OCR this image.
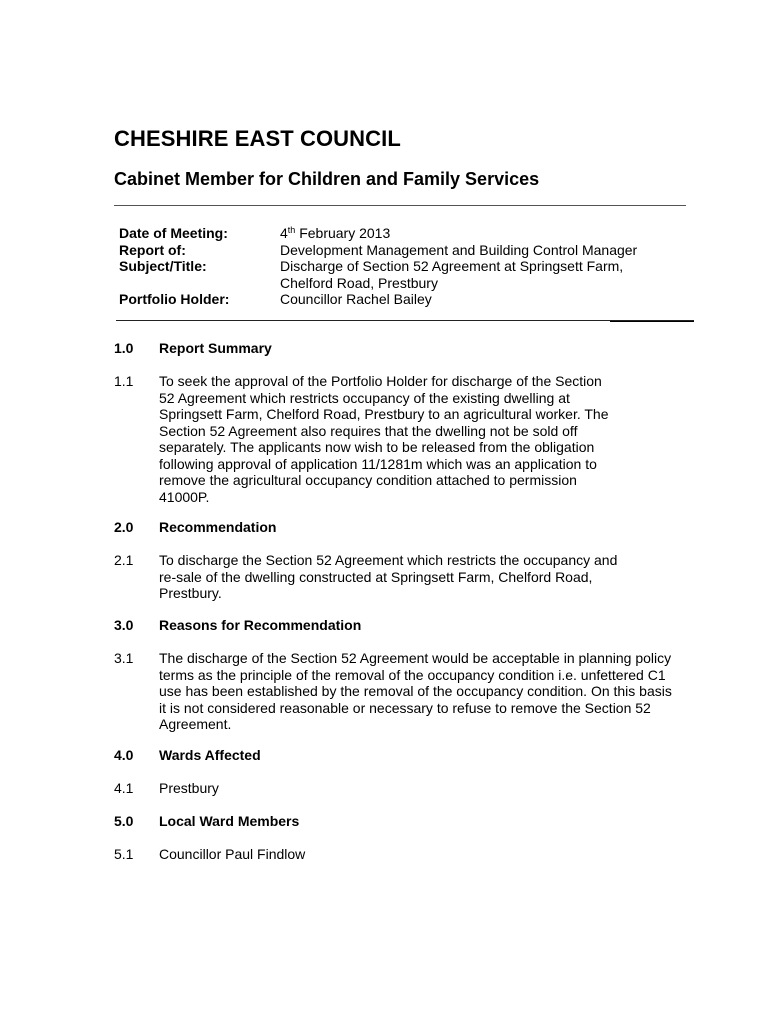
CHESHIRE EAST COUNCIL
Cabinet Member for Children and Family Services
Date of Meeting:	4th February 2013
Report of:	Development Management and Building Control Manager
Subject/Title:	Discharge of Section 52 Agreement at Springsett Farm,
Chelford Road, Prestbury
Portfolio Holder:	Councillor Rachel Bailey
1.0 Report Summary
1.1 To seek the approval of the Portfolio Holder for discharge of the Section
52 Agreement which restricts occupancy of the existing dwelling at
Springsett Farm, Chelford Road, Prestbury to an agricultural worker. The
Section 52 Agreement also requires that the dwelling not be sold off
separately. The applicants now wish to be released from the obligation
following approval of application 11/1281m which was an application to
remove the agricultural occupancy condition attached to permission
41000P.
2.0 Recommendation
2.1 To discharge the Section 52 Agreement which restricts the occupancy and
re-sale of the dwelling constructed at Springsett Farm, Chelford Road,
Prestbury.
3.0 Reasons for Recommendation
3.1 The discharge of the Section 52 Agreement would be acceptable in planning policy
terms as the principle of the removal of the occupancy condition i.e. unfettered C1
use has been established by the removal of the occupancy condition. On this basis
it is not considered reasonable or necessary to refuse to remove the Section 52
Agreement.
4.0 Wards Affected
4.1 Prestbury
5.0 Local Ward Members
5.1 Councillor Paul Findlow
